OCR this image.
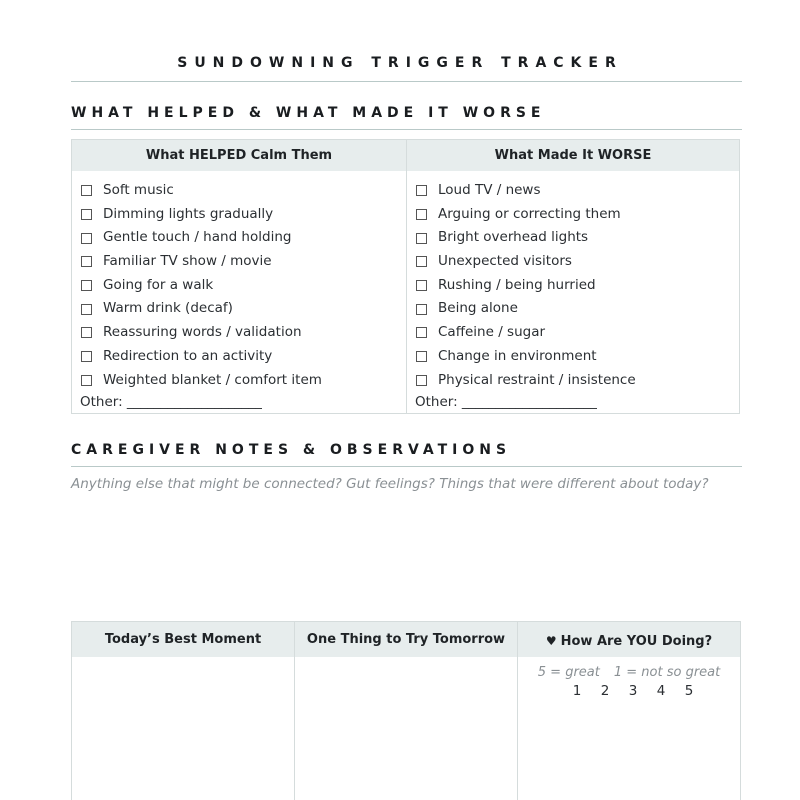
SUNDOWNING TRIGGER TRACKER
WHAT HELPED & WHAT MADE IT WORSE
What HELPED Calm Them
Soft music
Dimming lights gradually
Gentle touch / hand holding
Familiar TV show / movie
Going for a walk
Warm drink (decaf)
Reassuring words / validation
Redirection to an activity
Weighted blanket / comfort item
Other: ____________________
What Made It WORSE
Loud TV / news
Arguing or correcting them
Bright overhead lights
Unexpected visitors
Rushing / being hurried
Being alone
Caffeine / sugar
Change in environment
Physical restraint / insistence
Other: ____________________
CAREGIVER NOTES & OBSERVATIONS
Anything else that might be connected? Gut feelings? Things that were different about today?
Today’s Best Moment	One Thing to Try Tomorrow	♥ How Are YOU Doing?
5 = great 1 = not so great
1 2 3 4 5
